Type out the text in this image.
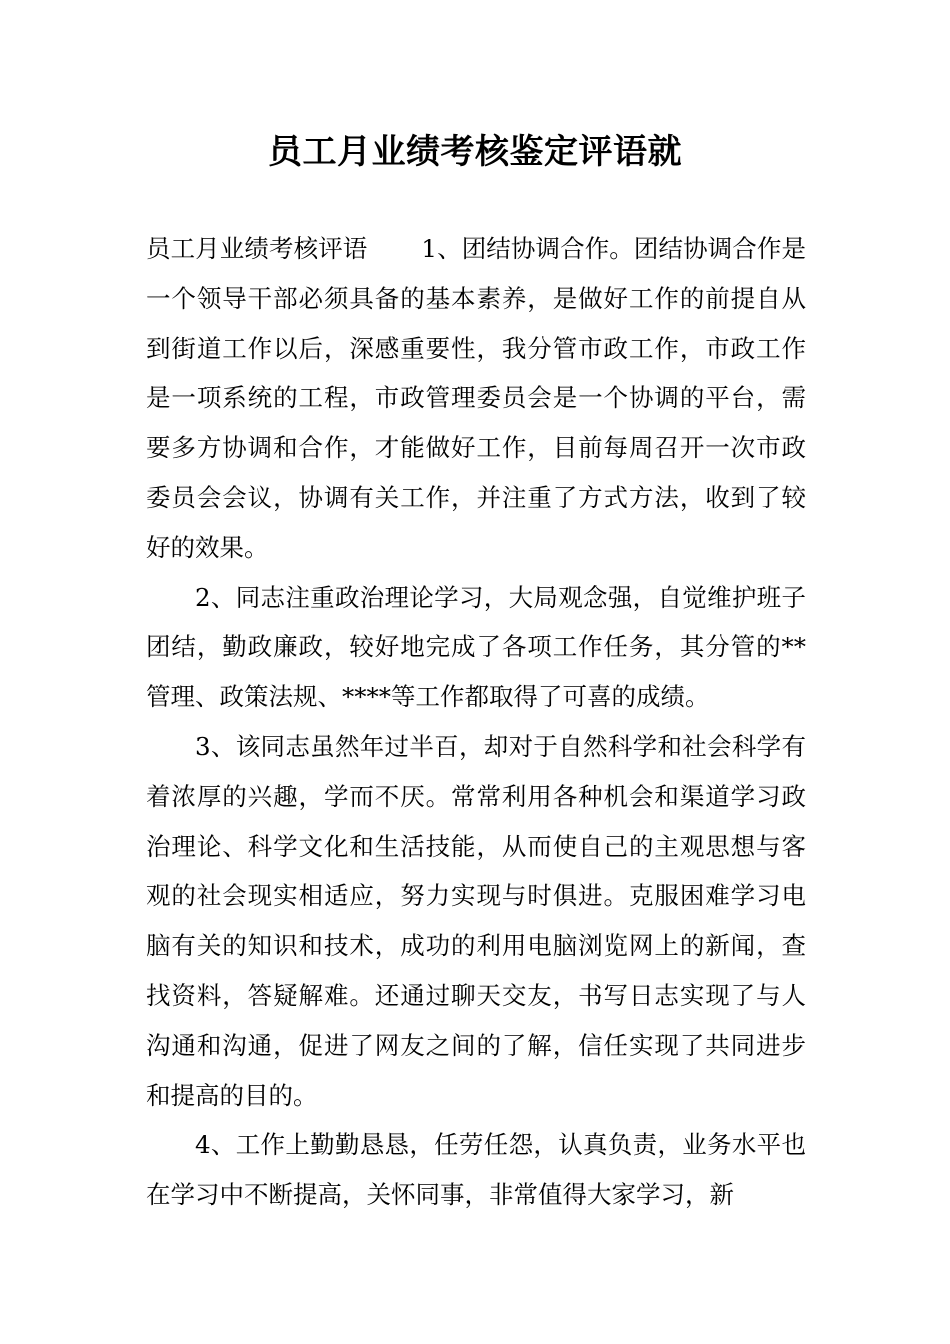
员工月业绩考核鉴定评语就

员工月业绩考核评语 1、团结协调合作。团结协调合作是一个领导干部必须具备的基本素养，是做好工作的前提自从到街道工作以后，深感重要性，我分管市政工作，市政工作是一项系统的工程，市政管理委员会是一个协调的平台，需要多方协调和合作，才能做好工作，目前每周召开一次市政委员会会议，协调有关工作，并注重了方式方法，收到了较好的效果。

2、同志注重政治理论学习，大局观念强，自觉维护班子团结，勤政廉政，较好地完成了各项工作任务，其分管的**管理、政策法规、****等工作都取得了可喜的成绩。

3、该同志虽然年过半百，却对于自然科学和社会科学有着浓厚的兴趣，学而不厌。常常利用各种机会和渠道学习政治理论、科学文化和生活技能，从而使自己的主观思想与客观的社会现实相适应，努力实现与时俱进。克服困难学习电脑有关的知识和技术，成功的利用电脑浏览网上的新闻，查找资料，答疑解难。还通过聊天交友，书写日志实现了与人沟通和沟通，促进了网友之间的了解，信任实现了共同进步和提高的目的。

4、工作上勤勤恳恳，任劳任怨，认真负责，业务水平也在学习中不断提高，关怀同事，非常值得大家学习，新
